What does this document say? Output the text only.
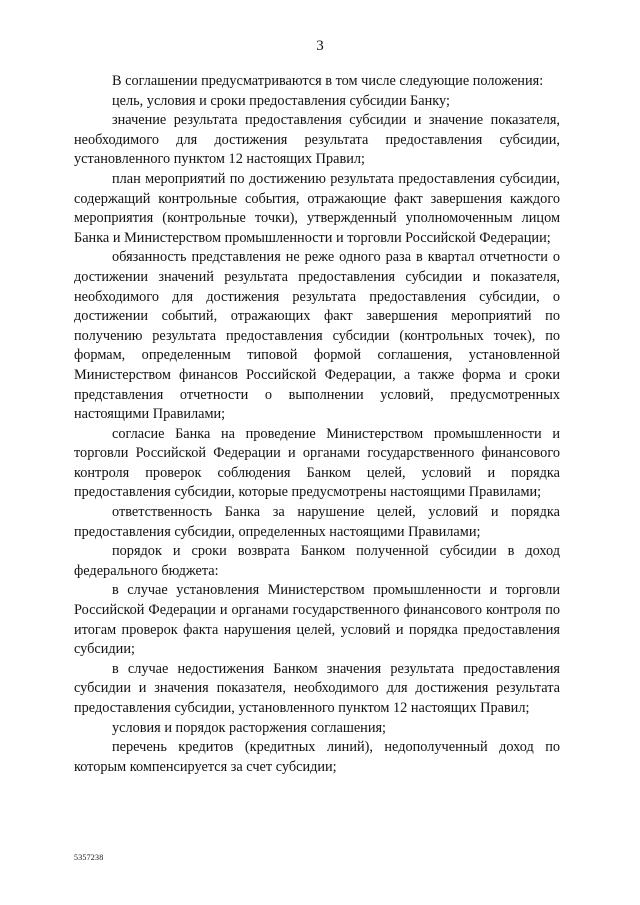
3

В соглашении предусматриваются в том числе следующие положения:

цель, условия и сроки предоставления субсидии Банку;

значение результата предоставления субсидии и значение показателя, необходимого для достижения результата предоставления субсидии, установленного пунктом 12 настоящих Правил;

план мероприятий по достижению результата предоставления субсидии, содержащий контрольные события, отражающие факт завершения каждого мероприятия (контрольные точки), утвержденный уполномоченным лицом Банка и Министерством промышленности и торговли Российской Федерации;

обязанность представления не реже одного раза в квартал отчетности о достижении значений результата предоставления субсидии и показателя, необходимого для достижения результата предоставления субсидии, о достижении событий, отражающих факт завершения мероприятий по получению результата предоставления субсидии (контрольных точек), по формам, определенным типовой формой соглашения, установленной Министерством финансов Российской Федерации, а также форма и сроки представления отчетности о выполнении условий, предусмотренных настоящими Правилами;

согласие Банка на проведение Министерством промышленности и торговли Российской Федерации и органами государственного финансового контроля проверок соблюдения Банком целей, условий и порядка предоставления субсидии, которые предусмотрены настоящими Правилами;

ответственность Банка за нарушение целей, условий и порядка предоставления субсидии, определенных настоящими Правилами;

порядок и сроки возврата Банком полученной субсидии в доход федерального бюджета:

в случае установления Министерством промышленности и торговли Российской Федерации и органами государственного финансового контроля по итогам проверок факта нарушения целей, условий и порядка предоставления субсидии;

в случае недостижения Банком значения результата предоставления субсидии и значения показателя, необходимого для достижения результата предоставления субсидии, установленного пунктом 12 настоящих Правил;

условия и порядок расторжения соглашения;

перечень кредитов (кредитных линий), недополученный доход по которым компенсируется за счет субсидии;

5357238
